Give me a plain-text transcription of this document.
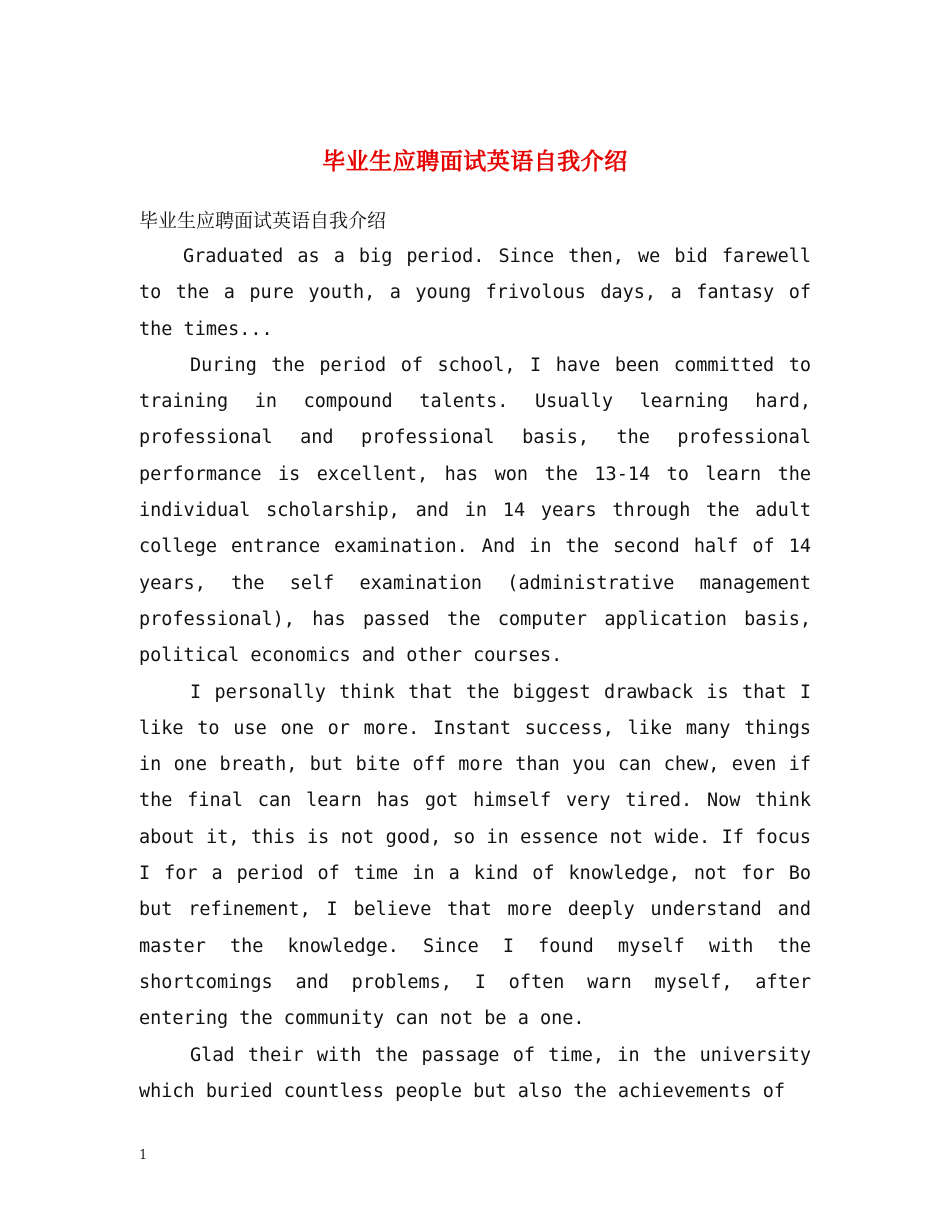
毕业生应聘面试英语自我介绍

毕业生应聘面试英语自我介绍

Graduated as a big period. Since then, we bid farewell to the a pure youth, a young frivolous days, a fantasy of the times...

During the period of school, I have been committed to training in compound talents. Usually learning hard, professional and professional basis, the professional performance is excellent, has won the 13-14 to learn the individual scholarship, and in 14 years through the adult college entrance examination. And in the second half of 14 years, the self examination (administrative management professional), has passed the computer application basis, political economics and other courses.

I personally think that the biggest drawback is that I like to use one or more. Instant success, like many things in one breath, but bite off more than you can chew, even if the final can learn has got himself very tired. Now think about it, this is not good, so in essence not wide. If focus I for a period of time in a kind of knowledge, not for Bo but refinement, I believe that more deeply understand and master the knowledge. Since I found myself with the shortcomings and problems, I often warn myself, after entering the community can not be a one.

Glad their with the passage of time, in the university which buried countless people but also the achievements of

1
